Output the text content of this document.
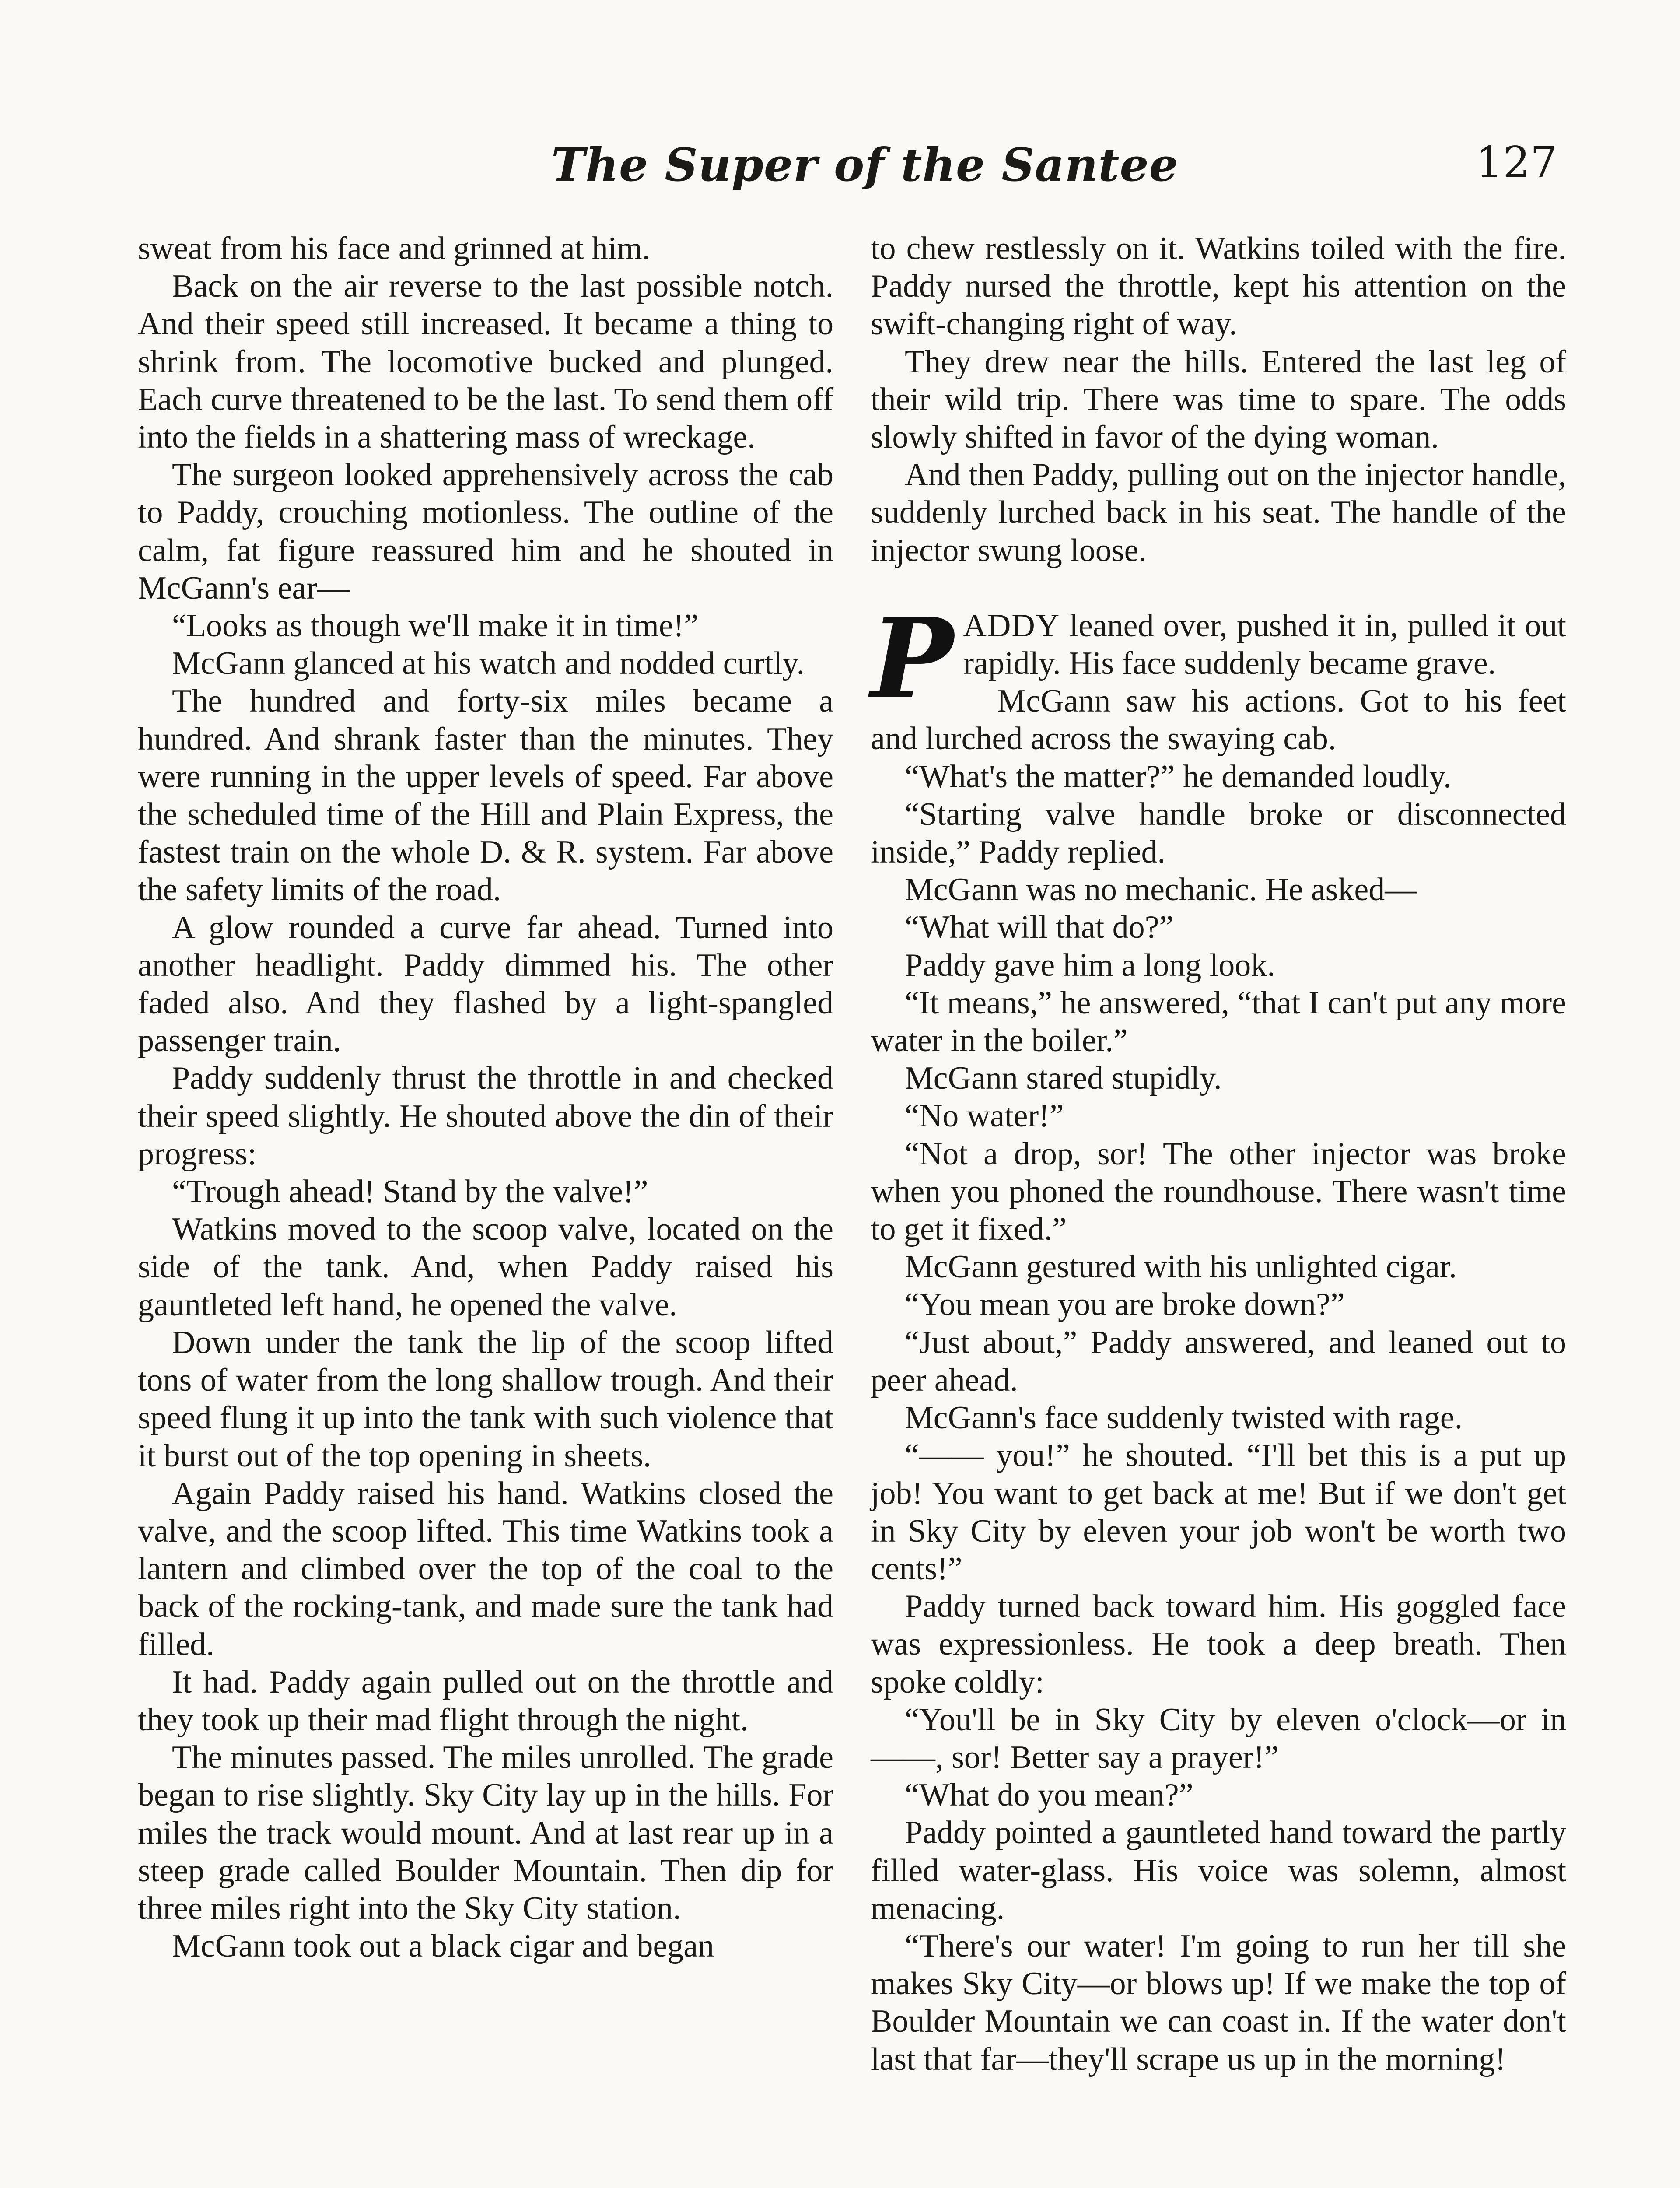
The Super of the Santee	127

sweat from his face and grinned at him.

Back on the air reverse to the last possible notch. And their speed still increased. It became a thing to shrink from. The locomotive bucked and plunged. Each curve threatened to be the last. To send them off into the fields in a shattering mass of wreckage.

The surgeon looked apprehensively across the cab to Paddy, crouching motionless. The outline of the calm, fat figure reassured him and he shouted in McGann's ear—

“Looks as though we'll make it in time!”

McGann glanced at his watch and nodded curtly.

The hundred and forty-six miles became a hundred. And shrank faster than the minutes. They were running in the upper levels of speed. Far above the scheduled time of the Hill and Plain Express, the fastest train on the whole D. & R. system. Far above the safety limits of the road.

A glow rounded a curve far ahead. Turned into another headlight. Paddy dimmed his. The other faded also. And they flashed by a light-spangled passenger train.

Paddy suddenly thrust the throttle in and checked their speed slightly. He shouted above the din of their progress:

“Trough ahead! Stand by the valve!”

Watkins moved to the scoop valve, located on the side of the tank. And, when Paddy raised his gauntleted left hand, he opened the valve.

Down under the tank the lip of the scoop lifted tons of water from the long shallow trough. And their speed flung it up into the tank with such violence that it burst out of the top opening in sheets.

Again Paddy raised his hand. Watkins closed the valve, and the scoop lifted. This time Watkins took a lantern and climbed over the top of the coal to the back of the rocking-tank, and made sure the tank had filled.

It had. Paddy again pulled out on the throttle and they took up their mad flight through the night.

The minutes passed. The miles unrolled. The grade began to rise slightly. Sky City lay up in the hills. For miles the track would mount. And at last rear up in a steep grade called Boulder Mountain. Then dip for three miles right into the Sky City station.

McGann took out a black cigar and began

to chew restlessly on it. Watkins toiled with the fire. Paddy nursed the throttle, kept his attention on the swift-changing right of way.

They drew near the hills. Entered the last leg of their wild trip. There was time to spare. The odds slowly shifted in favor of the dying woman.

And then Paddy, pulling out on the injector handle, suddenly lurched back in his seat. The handle of the injector swung loose.

PADDY leaned over, pushed it in, pulled it out rapidly. His face suddenly became grave.

McGann saw his actions. Got to his feet and lurched across the swaying cab.

“What's the matter?” he demanded loudly.

“Starting valve handle broke or disconnected inside,” Paddy replied.

McGann was no mechanic. He asked—

“What will that do?”

Paddy gave him a long look.

“It means,” he answered, “that I can't put any more water in the boiler.”

McGann stared stupidly.

“No water!”

“Not a drop, sor! The other injector was broke when you phoned the roundhouse. There wasn't time to get it fixed.”

McGann gestured with his unlighted cigar.

“You mean you are broke down?”

“Just about,” Paddy answered, and leaned out to peer ahead.

McGann's face suddenly twisted with rage.

“—— you!” he shouted. “I'll bet this is a put up job! You want to get back at me! But if we don't get in Sky City by eleven your job won't be worth two cents!”

Paddy turned back toward him. His goggled face was expressionless. He took a deep breath. Then spoke coldly:

“You'll be in Sky City by eleven o'clock—or in ——, sor! Better say a prayer!”

“What do you mean?”

Paddy pointed a gauntleted hand toward the partly filled water-glass. His voice was solemn, almost menacing.

“There's our water! I'm going to run her till she makes Sky City—or blows up! If we make the top of Boulder Mountain we can coast in. If the water don't last that far—they'll scrape us up in the morning!
